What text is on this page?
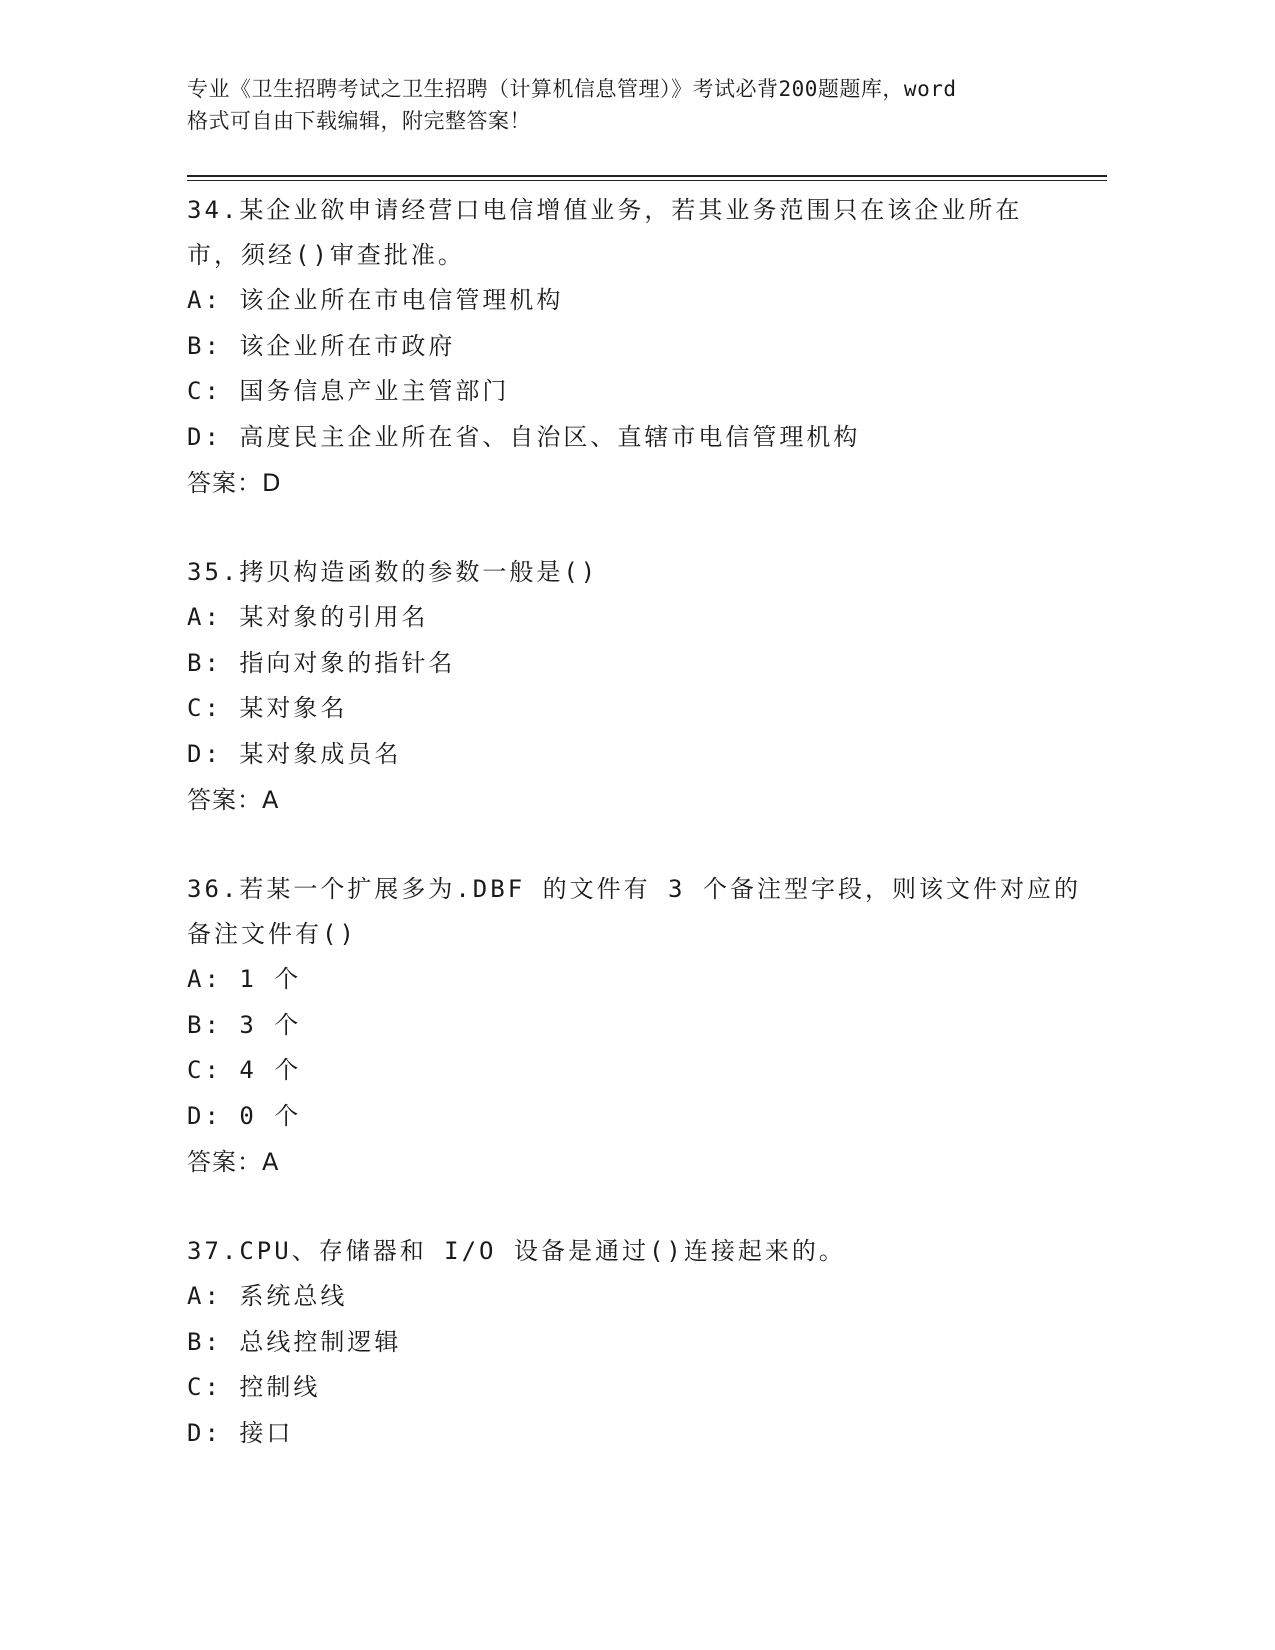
专业《卫生招聘考试之卫生招聘（计算机信息管理）》考试必背200题题库，word
格式可自由下载编辑，附完整答案！
34.某企业欲申请经营口电信增值业务，若其业务范围只在该企业所在
市，须经()审查批准。
A: 该企业所在市电信管理机构
B: 该企业所在市政府
C: 国务信息产业主管部门
D: 高度民主企业所在省、自治区、直辖市电信管理机构
答案：D
35.拷贝构造函数的参数一般是()
A: 某对象的引用名
B: 指向对象的指针名
C: 某对象名
D: 某对象成员名
答案：A
36.若某一个扩展多为.DBF 的文件有 3 个备注型字段，则该文件对应的
备注文件有()
A: 1 个
B: 3 个
C: 4 个
D: 0 个
答案：A
37.CPU、存储器和 I/O 设备是通过()连接起来的。
A: 系统总线
B: 总线控制逻辑
C: 控制线
D: 接口
